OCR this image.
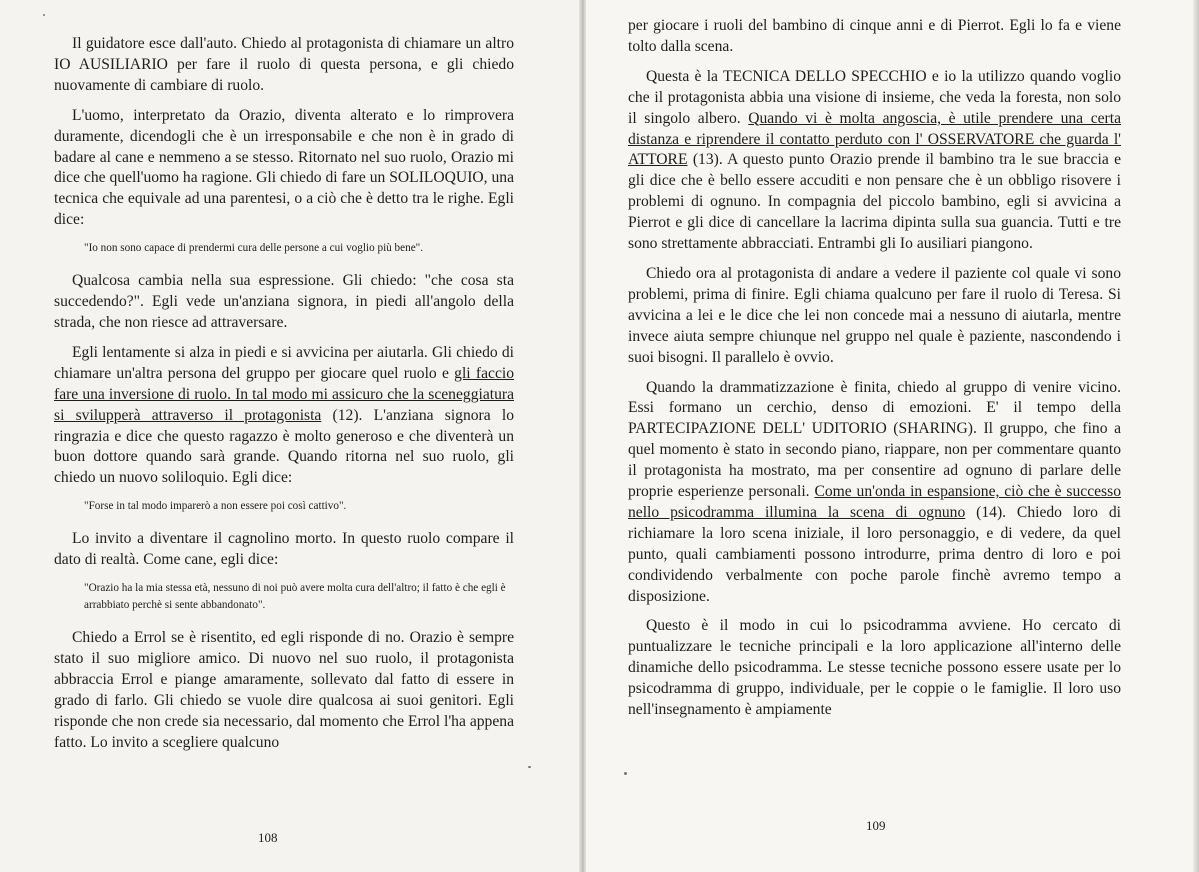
Il guidatore esce dall'auto. Chiedo al protagonista di chiamare un altro IO AUSILIARIO per fare il ruolo di questa persona, e gli chiedo nuovamente di cambiare di ruolo.

L'uomo, interpretato da Orazio, diventa alterato e lo rimprovera duramente, dicendogli che è un irresponsabile e che non è in grado di badare al cane e nemmeno a se stesso. Ritornato nel suo ruolo, Orazio mi dice che quell'uomo ha ragione. Gli chiedo di fare un SOLILOQUIO, una tecnica che equivale ad una parentesi, o a ciò che è detto tra le righe. Egli dice:

"Io non sono capace di prendermi cura delle persone a cui voglio più bene".

Qualcosa cambia nella sua espressione. Gli chiedo: "che cosa sta succedendo?". Egli vede un'anziana signora, in piedi all'angolo della strada, che non riesce ad attraversare.

Egli lentamente si alza in piedi e si avvicina per aiutarla. Gli chiedo di chiamare un'altra persona del gruppo per giocare quel ruolo e gli faccio fare una inversione di ruolo. In tal modo mi assicuro che la sceneggiatura si svilupperà attraverso il protagonista (12). L'anziana signora lo ringrazia e dice che questo ragazzo è molto generoso e che diventerà un buon dottore quando sarà grande. Quando ritorna nel suo ruolo, gli chiedo un nuovo soliloquio. Egli dice:

"Forse in tal modo imparerò a non essere poi così cattivo".

Lo invito a diventare il cagnolino morto. In questo ruolo compare il dato di realtà. Come cane, egli dice:

"Orazio ha la mia stessa età, nessuno di noi può avere molta cura dell'altro; il fatto è che egli è arrabbiato perchè si sente abbandonato".

Chiedo a Errol se è risentito, ed egli risponde di no. Orazio è sempre stato il suo migliore amico. Di nuovo nel suo ruolo, il protagonista abbraccia Errol e piange amaramente, sollevato dal fatto di essere in grado di farlo. Gli chiedo se vuole dire qualcosa ai suoi genitori. Egli risponde che non crede sia necessario, dal momento che Errol l'ha appena fatto. Lo invito a scegliere qualcuno

108

per giocare i ruoli del bambino di cinque anni e di Pierrot. Egli lo fa e viene tolto dalla scena.

Questa è la TECNICA DELLO SPECCHIO e io la utilizzo quando voglio che il protagonista abbia una visione di insieme, che veda la foresta, non solo il singolo albero. Quando vi è molta angoscia, è utile prendere una certa distanza e riprendere il contatto perduto con l' OSSERVATORE che guarda l' ATTORE (13). A questo punto Orazio prende il bambino tra le sue braccia e gli dice che è bello essere accuditi e non pensare che è un obbligo risovere i problemi di ognuno. In compagnia del piccolo bambino, egli si avvicina a Pierrot e gli dice di cancellare la lacrima dipinta sulla sua guancia. Tutti e tre sono strettamente abbracciati. Entrambi gli Io ausiliari piangono.

Chiedo ora al protagonista di andare a vedere il paziente col quale vi sono problemi, prima di finire. Egli chiama qualcuno per fare il ruolo di Teresa. Si avvicina a lei e le dice che lei non concede mai a nessuno di aiutarla, mentre invece aiuta sempre chiunque nel gruppo nel quale è paziente, nascondendo i suoi bisogni. Il parallelo è ovvio.

Quando la drammatizzazione è finita, chiedo al gruppo di venire vicino. Essi formano un cerchio, denso di emozioni. E' il tempo della PARTECIPAZIONE DELL' UDITORIO (SHARING). Il gruppo, che fino a quel momento è stato in secondo piano, riappare, non per commentare quanto il protagonista ha mostrato, ma per consentire ad ognuno di parlare delle proprie esperienze personali. Come un'onda in espansione, ciò che è successo nello psicodramma illumina la scena di ognuno (14). Chiedo loro di richiamare la loro scena iniziale, il loro personaggio, e di vedere, da quel punto, quali cambiamenti possono introdurre, prima dentro di loro e poi condividendo verbalmente con poche parole finchè avremo tempo a disposizione.

Questo è il modo in cui lo psicodramma avviene. Ho cercato di puntualizzare le tecniche principali e la loro applicazione all'interno delle dinamiche dello psicodramma. Le stesse tecniche possono essere usate per lo psicodramma di gruppo, individuale, per le coppie o le famiglie. Il loro uso nell'insegnamento è ampiamente

109
